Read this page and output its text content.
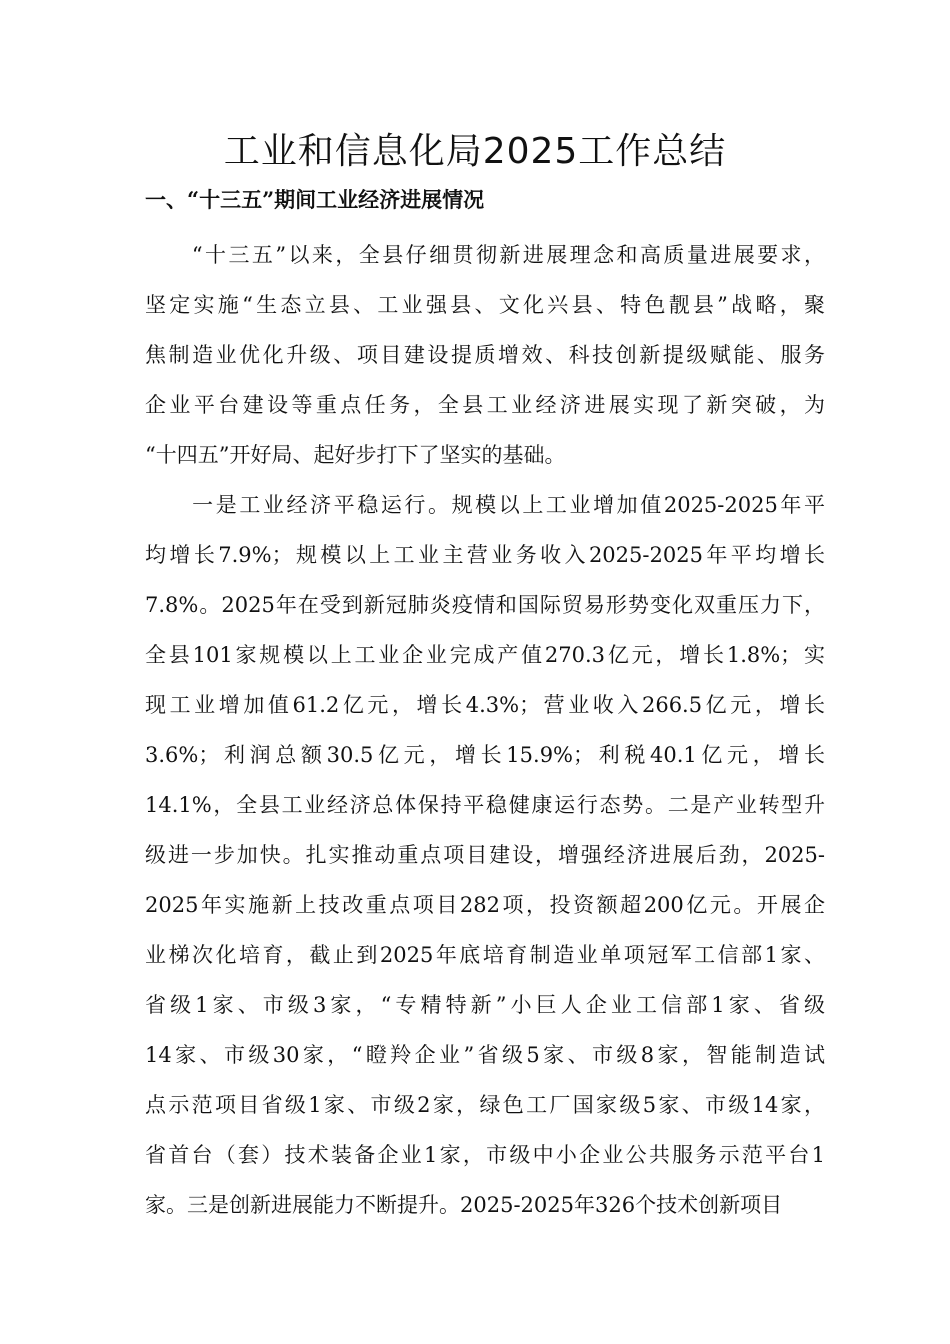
工业和信息化局2025工作总结
一、“十三五”期间工业经济进展情况
　　“十三五”以来，全县仔细贯彻新进展理念和高质量进展要求，
坚定实施“生态立县、工业强县、文化兴县、特色靓县”战略，聚
焦制造业优化升级、项目建设提质增效、科技创新提级赋能、服务
企业平台建设等重点任务，全县工业经济进展实现了新突破，为
“十四五”开好局、起好步打下了坚实的基础。
　　一是工业经济平稳运行。规模以上工业增加值2025-2025年平
均增长7.9%；规模以上工业主营业务收入2025-2025年平均增长
7.8%。2025年在受到新冠肺炎疫情和国际贸易形势变化双重压力下，
全县101家规模以上工业企业完成产值270.3亿元，增长1.8%；实
现工业增加值61.2亿元，增长4.3%；营业收入266.5亿元，增长
3.6%；利润总额30.5亿元，增长15.9%；利税40.1亿元，增长
14.1%，全县工业经济总体保持平稳健康运行态势。二是产业转型升
级进一步加快。扎实推动重点项目建设，增强经济进展后劲，2025-
2025年实施新上技改重点项目282项，投资额超200亿元。开展企
业梯次化培育，截止到2025年底培育制造业单项冠军工信部1家、
省级1家、市级3家，“专精特新”小巨人企业工信部1家、省级
14家、市级30家，“瞪羚企业”省级5家、市级8家，智能制造试
点示范项目省级1家、市级2家，绿色工厂国家级5家、市级14家，
省首台（套）技术装备企业1家，市级中小企业公共服务示范平台1
家。三是创新进展能力不断提升。2025-2025年326个技术创新项目
